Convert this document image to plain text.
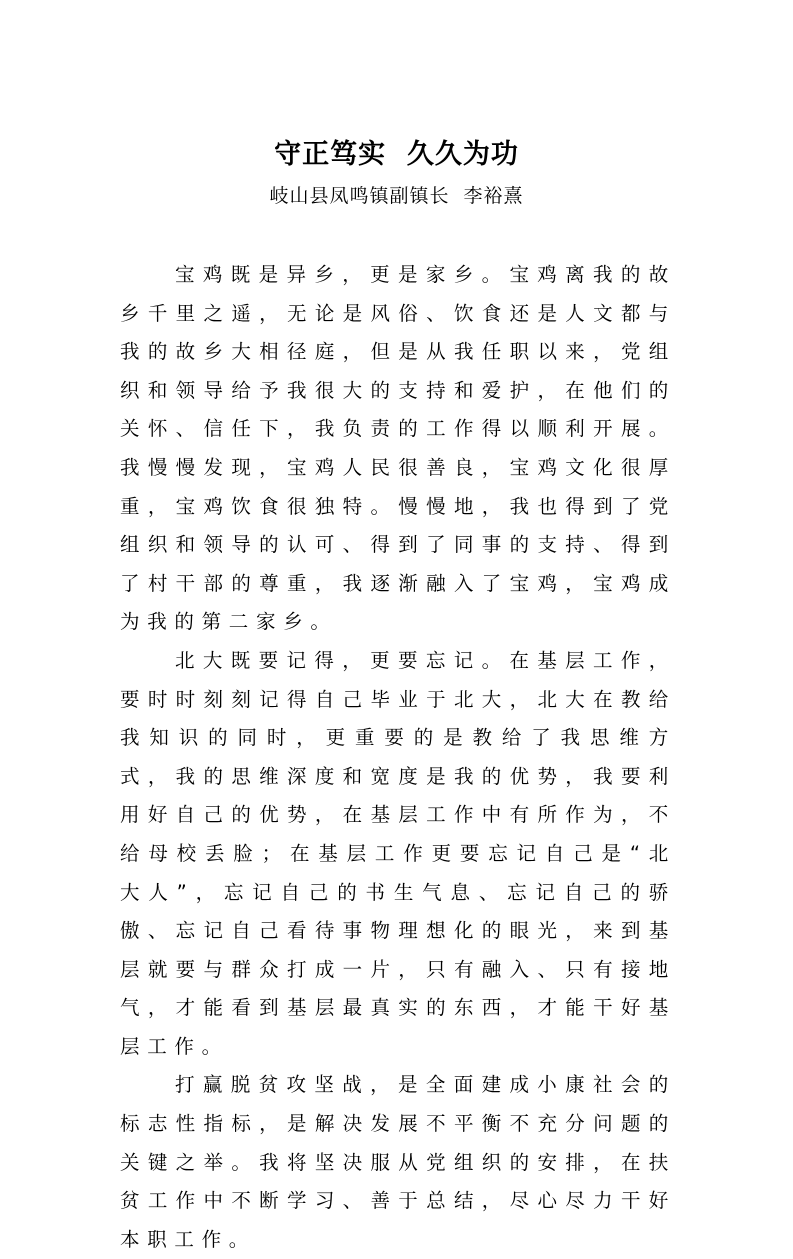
守正笃实  久久为功
岐山县凤鸣镇副镇长  李裕熹

宝鸡既是异乡，更是家乡。宝鸡离我的故乡千里之遥，无论是风俗、饮食还是人文都与我的故乡大相径庭，但是从我任职以来，党组织和领导给予我很大的支持和爱护，在他们的关怀、信任下，我负责的工作得以顺利开展。我慢慢发现，宝鸡人民很善良，宝鸡文化很厚重，宝鸡饮食很独特。慢慢地，我也得到了党组织和领导的认可、得到了同事的支持、得到了村干部的尊重，我逐渐融入了宝鸡，宝鸡成为我的第二家乡。

北大既要记得，更要忘记。在基层工作，要时时刻刻记得自己毕业于北大，北大在教给我知识的同时，更重要的是教给了我思维方式，我的思维深度和宽度是我的优势，我要利用好自己的优势，在基层工作中有所作为，不给母校丢脸；在基层工作更要忘记自己是“北大人”，忘记自己的书生气息、忘记自己的骄傲、忘记自己看待事物理想化的眼光，来到基层就要与群众打成一片，只有融入、只有接地气，才能看到基层最真实的东西，才能干好基层工作。

打赢脱贫攻坚战，是全面建成小康社会的标志性指标，是解决发展不平衡不充分问题的关键之举。我将坚决服从党组织的安排，在扶贫工作中不断学习、善于总结，尽心尽力干好本职工作。
